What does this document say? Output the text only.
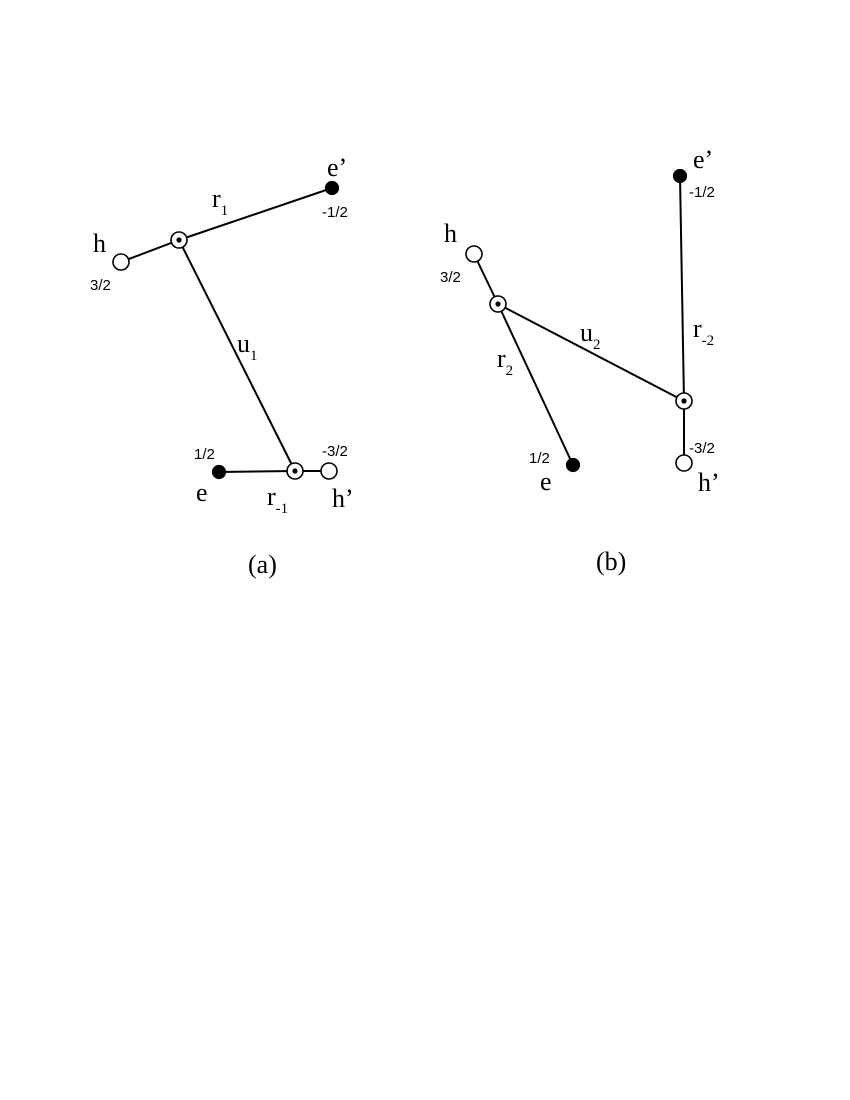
h
3/2
e’
-1/2
e
1/2
h’
-3/2
$r_1$
$u_1$
$r_{-1}$
(a)
h
3/2
e’
-1/2
e
1/2
h’
-3/2
$r_2$
$u_2$
$r_{-2}$
(b)
